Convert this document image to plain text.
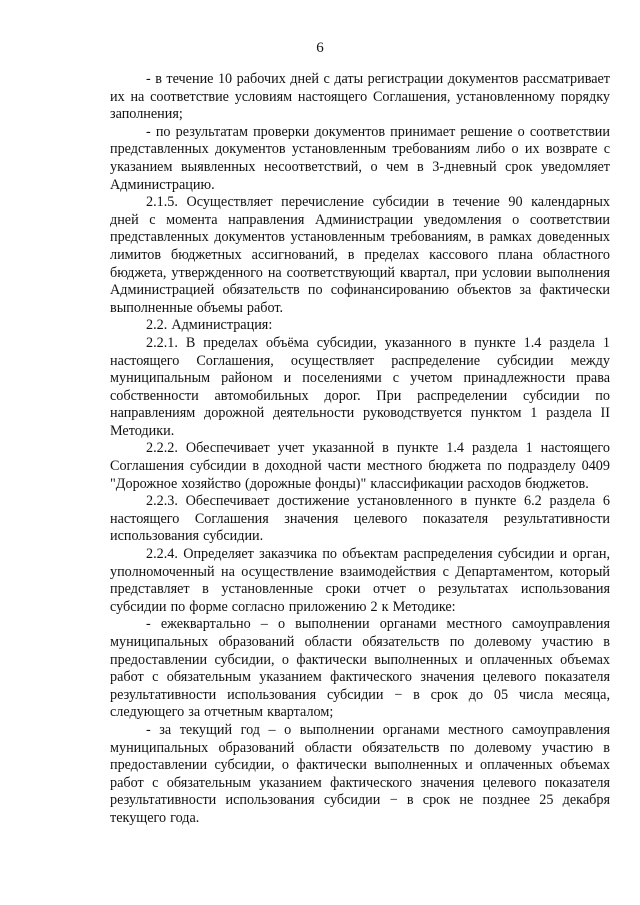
6

- в течение 10 рабочих дней с даты регистрации документов рассматривает их на соответствие условиям настоящего Соглашения, установленному порядку заполнения;

- по результатам проверки документов принимает решение о соответствии представленных документов установленным требованиям либо о их возврате с указанием выявленных несоответствий, о чем в 3-дневный срок уведомляет Администрацию.

2.1.5. Осуществляет перечисление субсидии в течение 90 календарных дней с момента направления Администрации уведомления о соответствии представленных документов установленным требованиям, в рамках доведенных лимитов бюджетных ассигнований, в пределах кассового плана областного бюджета, утвержденного на соответствующий квартал, при условии выполнения Администрацией обязательств по софинансированию объектов за фактически выполненные объемы работ.

2.2. Администрация:

2.2.1. В пределах объёма субсидии, указанного в пункте 1.4 раздела 1 настоящего Соглашения, осуществляет распределение субсидии между муниципальным районом и поселениями с учетом принадлежности права собственности автомобильных дорог. При распределении субсидии по направлениям дорожной деятельности руководствуется пунктом 1 раздела II Методики.

2.2.2. Обеспечивает учет указанной в пункте 1.4 раздела 1 настоящего Соглашения субсидии в доходной части местного бюджета по подразделу 0409 "Дорожное хозяйство (дорожные фонды)" классификации расходов бюджетов.

2.2.3. Обеспечивает достижение установленного в пункте 6.2 раздела 6 настоящего Соглашения значения целевого показателя результативности использования субсидии.

2.2.4. Определяет заказчика по объектам распределения субсидии и орган, уполномоченный на осуществление взаимодействия с Департаментом, который представляет в установленные сроки отчет о результатах использования субсидии по форме согласно приложению 2 к Методике:

- ежеквартально – о выполнении органами местного самоуправления муниципальных образований области обязательств по долевому участию в предоставлении субсидии, о фактически выполненных и оплаченных объемах работ с обязательным указанием фактического значения целевого показателя результативности использования субсидии − в срок до 05 числа месяца, следующего за отчетным кварталом;

- за текущий год – о выполнении органами местного самоуправления муниципальных образований области обязательств по долевому участию в предоставлении субсидии, о фактически выполненных и оплаченных объемах работ с обязательным указанием фактического значения целевого показателя результативности использования субсидии − в срок не позднее 25 декабря текущего года.
